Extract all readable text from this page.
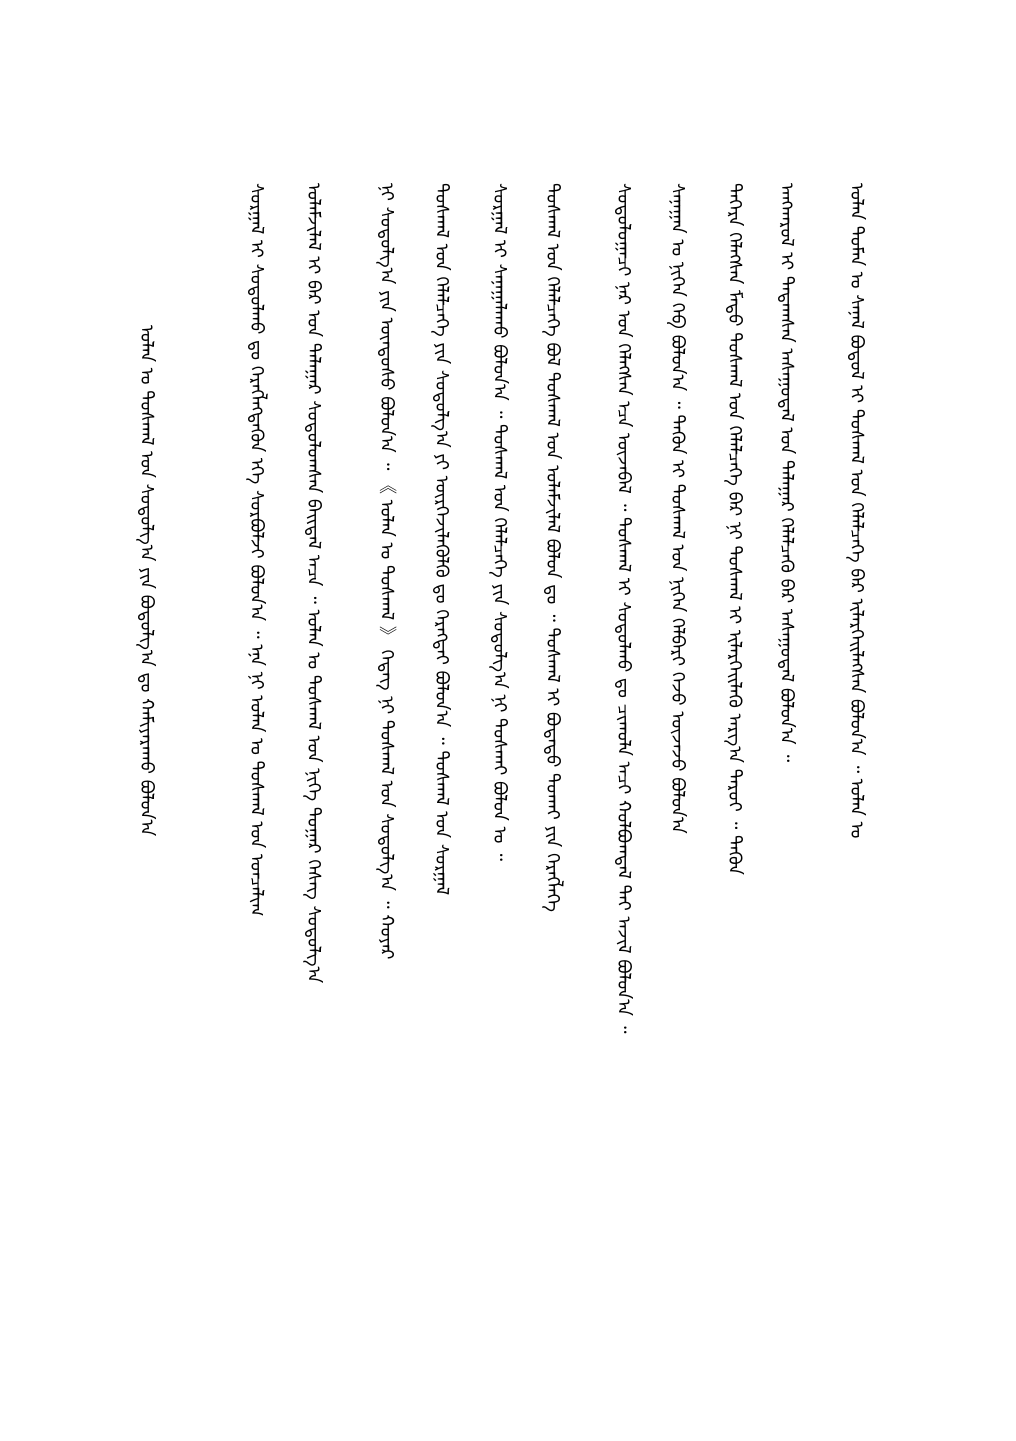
ᠣᠯᠠᠨ ᠲᠤᠮᠡᠨ ᠤ ᠰᠠᠨᠠᠯ ᠪᠣᠳᠤᠯ ᠢ ᠲᠤᠰᠬᠠᠯ ᠤᠨ ᠬᠡᠯᠡᠯᠴᠡᠭᠡ ᠪᠡᠷ ᠢᠯᠡᠷᠬᠡᠢᠯᠡᠭᠰᠡᠨ ᠪᠣᠯᠤᠨ᠎ᠠ ᠃ ᠣᠯᠠᠨ ᠤ
ᠠᠩᠬᠠᠷᠤᠯ ᠢ ᠲᠠᠲᠠᠭᠰᠠᠨ ᠠᠰᠠᠭᠤᠳᠠᠯ ᠤᠨ ᠲᠠᠯᠠᠭᠠᠷ ᠬᠡᠯᠡᠯᠴᠡᠬᠦ ᠪᠡᠷ ᠠᠰᠠᠭᠤᠳᠠᠯ ᠪᠣᠯᠤᠨ᠎ᠠ ᠃
ᠳᠡᠭᠡᠷᠡ ᠬᠡᠯᠡᠭᠰᠡᠨ ᠮᠡᠲᠦ ᠲᠤᠰᠬᠠᠯ ᠤᠨ ᠬᠡᠯᠡᠯᠴᠡᠭᠡ ᠪᠠᠷ ᠨᠢ ᠲᠤᠰᠬᠠᠯ ᠢ ᠢᠯᠡᠷᠬᠡᠢᠯᠡᠬᠦ ᠠᠷᠭ᠎ᠠ ᠳᠠᠷᠤᠢ ᠃ ᠲᠡᠭᠦᠨ
ᠰᠠᠨᠠᠭᠠᠨ ᠤ ᠨᠢᠭᠡᠨ ᠬᠡᠪ ᠪᠣᠯᠤᠨ᠎ᠠ ᠃ ᠲᠡᠭᠦᠨ ᠢ ᠲᠤᠰᠬᠠᠯ ᠤᠨ ᠨᠢᠭᠡᠨ ᠬᠡᠯᠪᠡᠷᠢ ᠭᠡᠵᠦ ᠦᠵᠡᠵᠦ ᠪᠣᠯᠣᠨ᠎ᠠ
ᠰᠤᠳᠤᠯᠤᠭᠠᠴᠢ ᠨᠠᠷ ᠤᠨ ᠬᠡᠯᠡᠭᠰᠡᠨ ᠡᠴᠡ ᠦᠵᠡᠪᠡᠯ ᠃ ᠲᠤᠰᠬᠠᠯ ᠢ ᠰᠤᠳᠤᠯᠬᠤ ᠳᠤ ᠴᠢᠬᠤᠯᠠ ᠠᠴᠢ ᠬᠣᠯᠪᠣᠭᠳᠠᠯ ᠲᠠᠢ ᠠᠵᠢᠯ ᠪᠣᠯᠤᠨ᠎ᠠ ᠃
ᠲᠤᠰᠬᠠᠯ ᠤᠨ ᠬᠡᠯᠡᠯᠴᠡᠭᠡ ᠪᠣᠯ ᠲᠤᠰᠬᠠᠯ ᠤᠨ ᠤᠯᠠᠮᠵᠢᠯᠠᠯ ᠪᠣᠯᠣᠨ ᠳᠤ ᠃ ᠲᠤᠰᠬᠠᠯ ᠢ ᠪᠣᠳᠠᠲᠤ ᠲᠤᠬᠠᠢ ᠶᠢᠨ ᠬᠡᠷᠡᠭᠯᠡᠭᠡ
ᠰᠤᠷᠭᠠᠯ ᠢ ᠰᠠᠨᠠᠭᠠᠯᠠᠬᠤ ᠪᠣᠯᠤᠨ᠎ᠠ ᠃ ᠲᠤᠰᠬᠠᠯ ᠤᠨ ᠬᠡᠯᠡᠯᠴᠡᠭᠡ ᠶᠢᠨ ᠰᠤᠳᠤᠯᠭ᠎ᠠ ᠨᠢ ᠲᠤᠰᠬᠠᠢ ᠪᠣᠯᠣᠨ ᠤ ᠃
ᠲᠤᠰᠬᠠᠯ ᠤᠨ ᠬᠡᠯᠡᠯᠴᠡᠭᠡ ᠶᠢᠨ ᠰᠤᠳᠤᠯᠭ᠎ᠠ ᠶᠢ ᠦᠷᠭᠡᠵᠢᠯᠡᠭᠦᠯᠬᠦ ᠳᠤ ᠬᠡᠷᠡᠭᠲᠡᠢ ᠪᠣᠯᠣᠨ᠎ᠠ ᠃ ᠲᠤᠰᠬᠠᠯ ᠤᠨ ᠰᠤᠷᠭᠠᠯ
ᠨᠢ ᠰᠤᠳᠤᠯᠭ᠎ᠠ ᠶᠢᠨ ᠦᠨᠳᠦᠰᠦ ᠪᠣᠯᠤᠨ᠎ᠠ ᠃ 《 ᠣᠯᠠᠨ ᠤ ᠲᠤᠰᠬᠠᠯ 》 ᠭᠡᠳᠡᠭ ᠨᠢ ᠲᠤᠰᠬᠠᠯ ᠤᠨ ᠰᠤᠳᠤᠯᠭ᠎ᠠ ᠃ ᠬᠣᠶᠠᠷ
ᠤᠯᠠᠮᠵᠢᠯᠠᠯ ᠢ ᠪᠠᠷ ᠤᠨ ᠲᠠᠯᠠᠭᠠᠷ ᠰᠤᠳᠤᠯᠤᠭᠰᠠᠨ ᠪᠠᠢᠳᠠᠯ ᠠᠴᠠ ᠃ ᠣᠯᠠᠨ ᠤ ᠲᠤᠰᠬᠠᠯ ᠤᠨ ᠨᠢᠭᠡ ᠳᠤᠭᠠᠷ ᠬᠡᠰᠡᠭ ᠰᠤᠳᠤᠯᠭ᠎ᠠ
ᠰᠤᠷᠭᠠᠯ ᠢ ᠰᠤᠳᠤᠯᠬᠤ ᠳᠤ ᠬᠡᠷᠡᠭᠯᠡᠭᠳᠡᠬᠦᠨ ᠡᠬᠡ ᠰᠤᠷᠪᠤᠯᠵᠢ ᠪᠣᠯᠤᠨ᠎ᠠ ᠃ ᠡᠨᠡ ᠨᠢ ᠣᠯᠠᠨ ᠤ ᠲᠤᠰᠬᠠᠯ ᠤᠨ ᠣᠨᠴᠠᠯᠢᠭ
ᠣᠯᠠᠨ ᠤ ᠲᠤᠰᠬᠠᠯ ᠤᠨ ᠰᠤᠳᠤᠯᠭ᠎ᠠ ᠶᠢᠨ ᠪᠣᠳᠤᠯᠭ᠎ᠠ ᠳᠤ ᠬᠠᠮᠢᠶᠠᠷᠠᠬᠤ ᠪᠣᠯᠤᠨ᠎ᠠ
